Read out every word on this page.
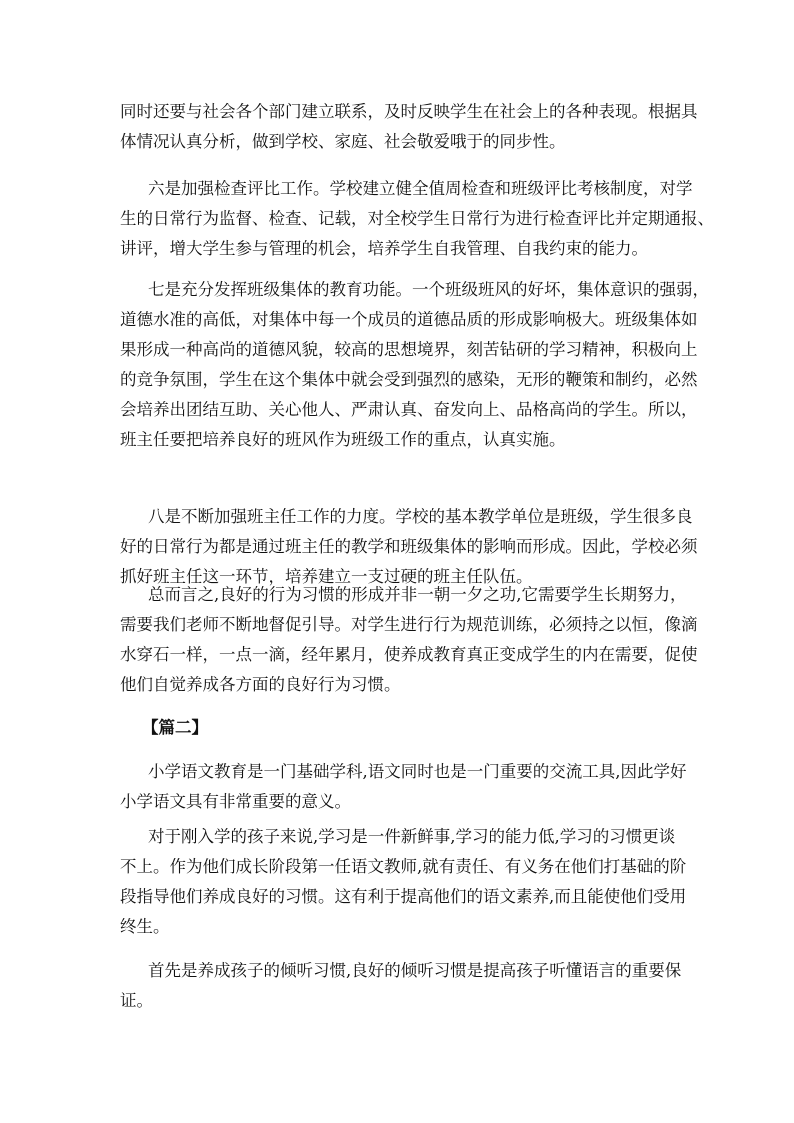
同时还要与社会各个部门建立联系，及时反映学生在社会上的各种表现。根据具
体情况认真分析，做到学校、家庭、社会敬爱哦于的同步性。
六是加强检查评比工作。学校建立健全值周检查和班级评比考核制度，对学
生的日常行为监督、检查、记载，对全校学生日常行为进行检查评比并定期通报、
讲评，增大学生参与管理的机会，培养学生自我管理、自我约束的能力。
七是充分发挥班级集体的教育功能。一个班级班风的好坏，集体意识的强弱，
道德水准的高低，对集体中每一个成员的道德品质的形成影响极大。班级集体如
果形成一种高尚的道德风貌，较高的思想境界，刻苦钻研的学习精神，积极向上
的竞争氛围，学生在这个集体中就会受到强烈的感染，无形的鞭策和制约，必然
会培养出团结互助、关心他人、严肃认真、奋发向上、品格高尚的学生。所以，
班主任要把培养良好的班风作为班级工作的重点，认真实施。
八是不断加强班主任工作的力度。学校的基本教学单位是班级，学生很多良
好的日常行为都是通过班主任的教学和班级集体的影响而形成。因此，学校必须
抓好班主任这一环节，培养建立一支过硬的班主任队伍。
总而言之,良好的行为习惯的形成并非一朝一夕之功,它需要学生长期努力，
需要我们老师不断地督促引导。对学生进行行为规范训练，必须持之以恒，像滴
水穿石一样，一点一滴，经年累月，使养成教育真正变成学生的内在需要，促使
他们自觉养成各方面的良好行为习惯。
【篇二】
小学语文教育是一门基础学科,语文同时也是一门重要的交流工具,因此学好
小学语文具有非常重要的意义。
对于刚入学的孩子来说,学习是一件新鲜事,学习的能力低,学习的习惯更谈
不上。作为他们成长阶段第一任语文教师,就有责任、有义务在他们打基础的阶
段指导他们养成良好的习惯。这有利于提高他们的语文素养,而且能使他们受用
终生。
首先是养成孩子的倾听习惯,良好的倾听习惯是提高孩子听懂语言的重要保
证。
